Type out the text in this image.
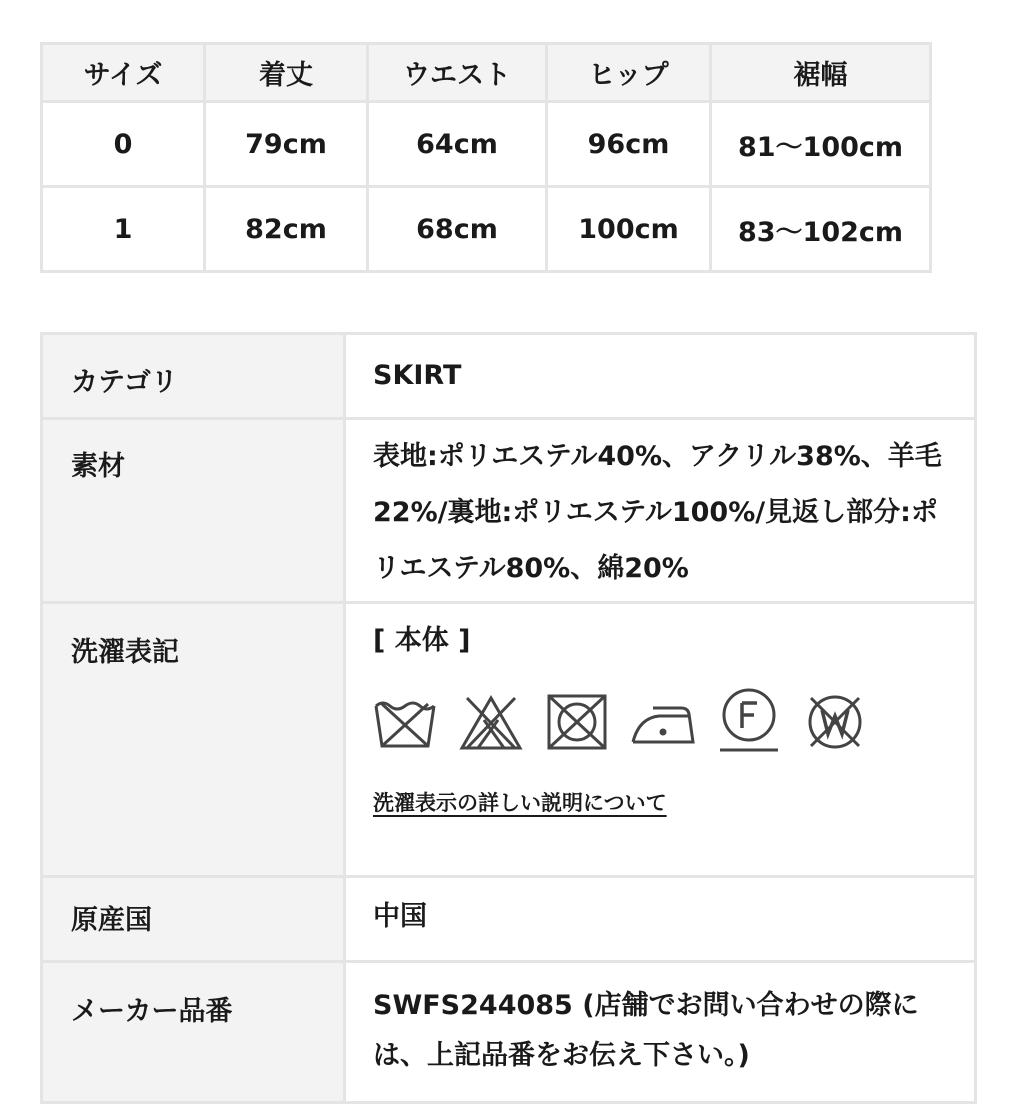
サイズ	着丈	ウエスト	ヒップ	裾幅
0	79cm	64cm	96cm	81〜100cm
1	82cm	68cm	100cm	83〜102cm
カテゴリ	SKIRT

素材	表地:ポリエステル40%、アクリル38%、羊毛22%/裏地:ポリエステル100%/見返し部分:ポリエステル80%、綿20%

洗濯表記	[ 本体 ]
洗濯表示の詳しい説明について

原産国	中国

メーカー品番	SWFS244085 (店舗でお問い合わせの際には、上記品番をお伝え下さい。)
